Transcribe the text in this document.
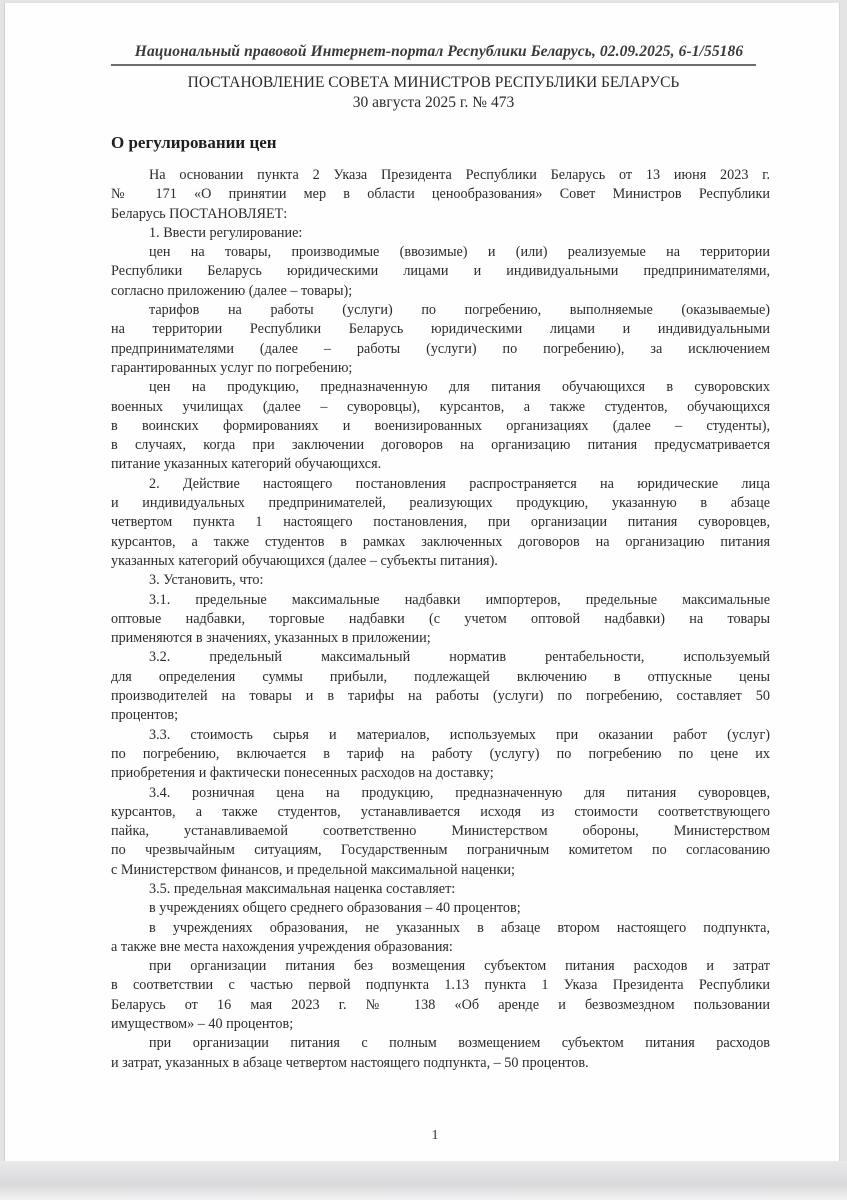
Национальный правовой Интернет-портал Республики Беларусь, 02.09.2025, 6-1/55186
ПОСТАНОВЛЕНИЕ СОВЕТА МИНИСТРОВ РЕСПУБЛИКИ БЕЛАРУСЬ
30 августа 2025 г. № 473
О регулировании цен
На основании пункта 2 Указа Президента Республики Беларусь от 13 июня 2023 г.
№ 171 «О принятии мер в области ценообразования» Совет Министров Республики
Беларусь ПОСТАНОВЛЯЕТ:
1. Ввести регулирование:
цен на товары, производимые (ввозимые) и (или) реализуемые на территории
Республики Беларусь юридическими лицами и индивидуальными предпринимателями,
согласно приложению (далее – товары);
тарифов на работы (услуги) по погребению, выполняемые (оказываемые)
на территории Республики Беларусь юридическими лицами и индивидуальными
предпринимателями (далее – работы (услуги) по погребению), за исключением
гарантированных услуг по погребению;
цен на продукцию, предназначенную для питания обучающихся в суворовских
военных училищах (далее – суворовцы), курсантов, а также студентов, обучающихся
в воинских формированиях и военизированных организациях (далее – студенты),
в случаях, когда при заключении договоров на организацию питания предусматривается
питание указанных категорий обучающихся.
2. Действие настоящего постановления распространяется на юридические лица
и индивидуальных предпринимателей, реализующих продукцию, указанную в абзаце
четвертом пункта 1 настоящего постановления, при организации питания суворовцев,
курсантов, а также студентов в рамках заключенных договоров на организацию питания
указанных категорий обучающихся (далее – субъекты питания).
3. Установить, что:
3.1. предельные максимальные надбавки импортеров, предельные максимальные
оптовые надбавки, торговые надбавки (с учетом оптовой надбавки) на товары
применяются в значениях, указанных в приложении;
3.2. предельный максимальный норматив рентабельности, используемый
для определения суммы прибыли, подлежащей включению в отпускные цены
производителей на товары и в тарифы на работы (услуги) по погребению, составляет 50
процентов;
3.3. стоимость сырья и материалов, используемых при оказании работ (услуг)
по погребению, включается в тариф на работу (услугу) по погребению по цене их
приобретения и фактически понесенных расходов на доставку;
3.4. розничная цена на продукцию, предназначенную для питания суворовцев,
курсантов, а также студентов, устанавливается исходя из стоимости соответствующего
пайка, устанавливаемой соответственно Министерством обороны, Министерством
по чрезвычайным ситуациям, Государственным пограничным комитетом по согласованию
с Министерством финансов, и предельной максимальной наценки;
3.5. предельная максимальная наценка составляет:
в учреждениях общего среднего образования – 40 процентов;
в учреждениях образования, не указанных в абзаце втором настоящего подпункта,
а также вне места нахождения учреждения образования:
при организации питания без возмещения субъектом питания расходов и затрат
в соответствии с частью первой подпункта 1.13 пункта 1 Указа Президента Республики
Беларусь от 16 мая 2023 г. № 138 «Об аренде и безвозмездном пользовании
имуществом» – 40 процентов;
при организации питания с полным возмещением субъектом питания расходов
и затрат, указанных в абзаце четвертом настоящего подпункта, – 50 процентов.
1
